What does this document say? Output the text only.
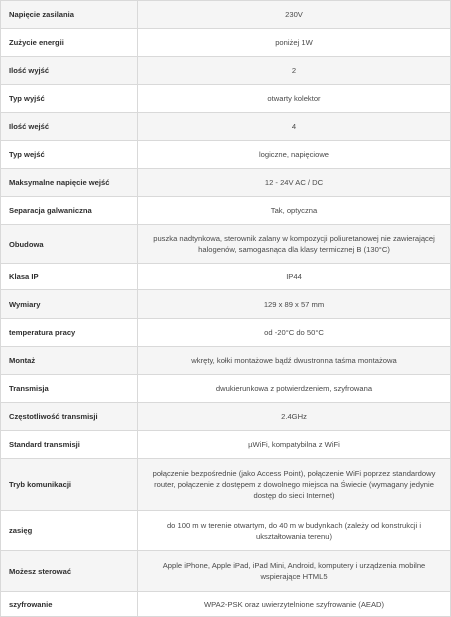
Napięcie zasilania	230V
Zużycie energii	poniżej 1W
Ilość wyjść	2
Typ wyjść	otwarty kolektor
Ilość wejść	4
Typ wejść	logiczne, napięciowe
Maksymalne napięcie wejść	12 - 24V AC / DC
Separacja galwaniczna	Tak, optyczna
Obudowa	puszka nadtynkowa, sterownik zalany w kompozycji poliuretanowej nie zawierającej halogenów, samogasnąca dla klasy termicznej B (130°C)
Klasa IP	IP44
Wymiary	129 x 89 x 57 mm
temperatura pracy	od -20°C do 50°C
Montaż	wkręty, kołki montażowe bądź dwustronna taśma montażowa
Transmisja	dwukierunkowa z potwierdzeniem, szyfrowana
Częstotliwość transmisji	2.4GHz
Standard transmisji	µWiFi, kompatybilna z WiFi
Tryb komunikacji	połączenie bezpośrednie (jako Access Point), połączenie WiFi poprzez standardowy router, połączenie z dostępem z dowolnego miejsca na Świecie (wymagany jedynie dostęp do sieci Internet)
zasięg	do 100 m w terenie otwartym, do 40 m w budynkach (zależy od konstrukcji i ukształtowania terenu)
Możesz sterować	Apple iPhone, Apple iPad, iPad Mini, Android, komputery i urządzenia mobilne wspierające HTML5
szyfrowanie	WPA2-PSK oraz uwierzytelnione szyfrowanie (AEAD)
